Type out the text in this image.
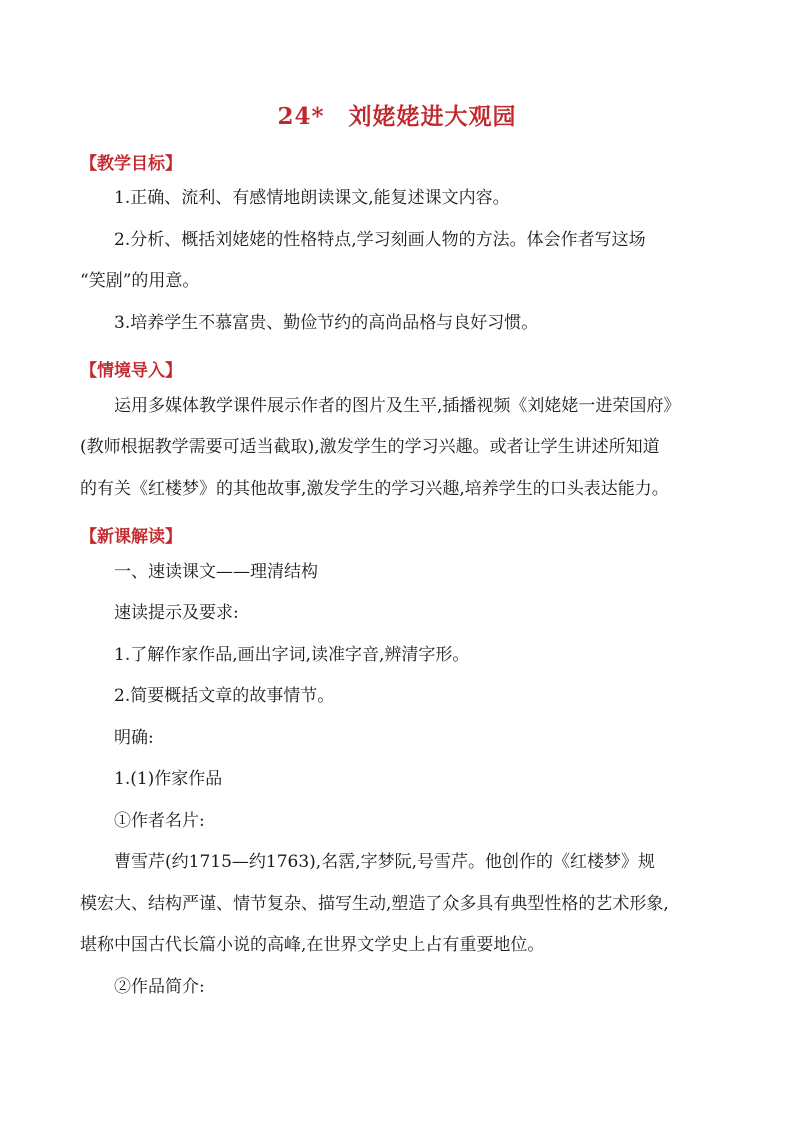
24*　刘姥姥进大观园
【教学目标】
1.正确、流利、有感情地朗读课文,能复述课文内容。
2.分析、概括刘姥姥的性格特点,学习刻画人物的方法。体会作者写这场
“笑剧”的用意。
3.培养学生不慕富贵、勤俭节约的高尚品格与良好习惯。
【情境导入】
运用多媒体教学课件展示作者的图片及生平,插播视频《刘姥姥一进荣国府》
(教师根据教学需要可适当截取),激发学生的学习兴趣。或者让学生讲述所知道
的有关《红楼梦》的其他故事,激发学生的学习兴趣,培养学生的口头表达能力。
【新课解读】
一、速读课文——理清结构
速读提示及要求:
1.了解作家作品,画出字词,读准字音,辨清字形。
2.简要概括文章的故事情节。
明确:
1.(1)作家作品
①作者名片:
曹雪芹(约1715—约1763),名霑,字梦阮,号雪芹。他创作的《红楼梦》规
模宏大、结构严谨、情节复杂、描写生动,塑造了众多具有典型性格的艺术形象,
堪称中国古代长篇小说的高峰,在世界文学史上占有重要地位。
②作品简介:
